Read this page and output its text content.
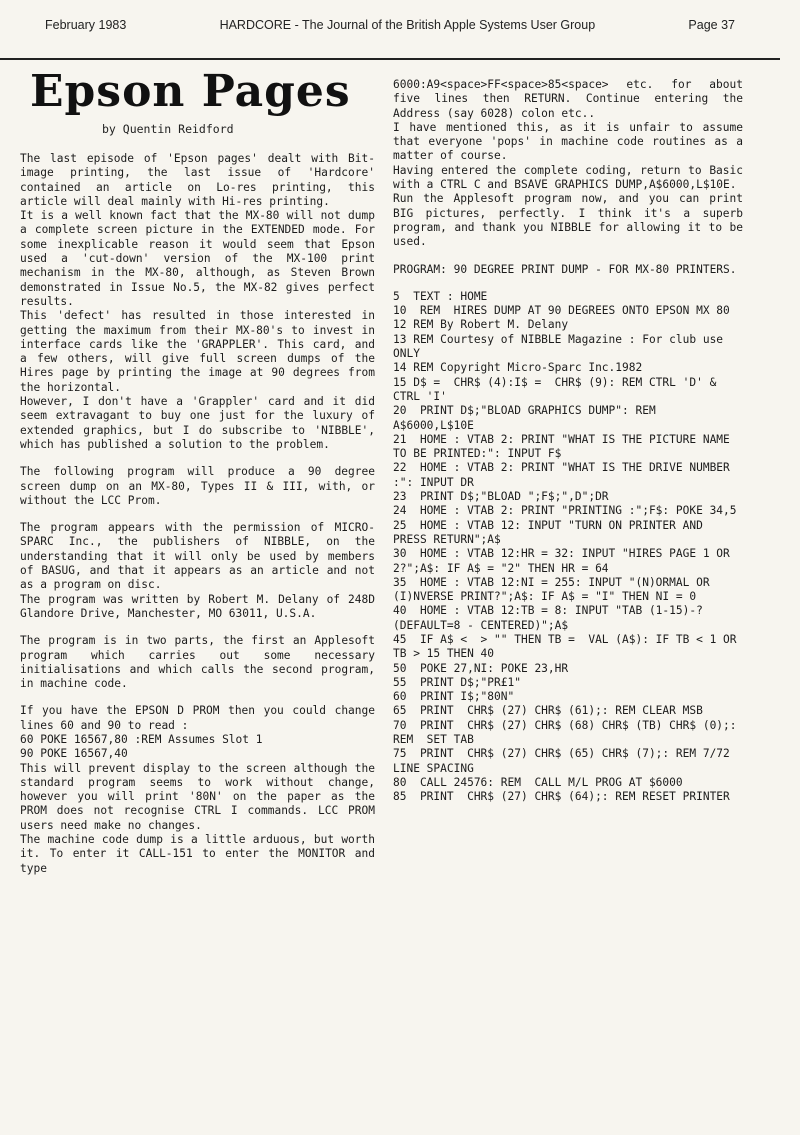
February 1983	HARDCORE - The Journal of the British Apple Systems User Group	Page 37
Epson Pages
by Quentin Reidford

The last episode of 'Epson pages' dealt with Bit-image printing, the last issue of 'Hardcore' contained an article on Lo-res printing, this article will deal mainly with Hi-res printing.

It is a well known fact that the MX-80 will not dump a complete screen picture in the EXTENDED mode. For some inexplicable reason it would seem that Epson used a 'cut-down' version of the MX-100 print mechanism in the MX-80, although, as Steven Brown demonstrated in Issue No.5, the MX-82 gives perfect results.

This 'defect' has resulted in those interested in getting the maximum from their MX-80's to invest in interface cards like the 'GRAPPLER'. This card, and a few others, will give full screen dumps of the Hires page by printing the image at 90 degrees from the horizontal.

However, I don't have a 'Grappler' card and it did seem extravagant to buy one just for the luxury of extended graphics, but I do subscribe to 'NIBBLE', which has published a solution to the problem.

The following program will produce a 90 degree screen dump on an MX-80, Types II & III, with, or without the LCC Prom.

The program appears with the permission of MICRO-SPARC Inc., the publishers of NIBBLE, on the understanding that it will only be used by members of BASUG, and that it appears as an article and not as a program on disc.

The program was written by Robert M. Delany of 248D Glandore Drive, Manchester, MO 63011, U.S.A.

The program is in two parts, the first an Applesoft program which carries out some necessary initialisations and which calls the second program, in machine code.

If you have the EPSON D PROM then you could change lines 60 and 90 to read :

60 POKE 16567,80 :REM Assumes Slot 1

90 POKE 16567,40

This will prevent display to the screen although the standard program seems to work without change, however you will print '80N' on the paper as the PROM does not recognise CTRL I commands. LCC PROM users need make no changes.

The machine code dump is a little arduous, but worth it. To enter it CALL-151 to enter the MONITOR and type

6000:A9<space>FF<space>85<space> etc. for about five lines then RETURN. Continue entering the Address (say 6028) colon etc..

I have mentioned this, as it is unfair to assume that everyone 'pops' in machine code routines as a matter of course.

Having entered the complete coding, return to Basic with a CTRL C and BSAVE GRAPHICS DUMP,A$6000,L$10E.

Run the Applesoft program now, and you can print BIG pictures, perfectly. I think it's a superb program, and thank you NIBBLE for allowing it to be used.

PROGRAM: 90 DEGREE PRINT DUMP - FOR MX-80 PRINTERS.

5  TEXT : HOME

10  REM  HIRES DUMP AT 90 DEGREES ONTO EPSON MX 80

12 REM By Robert M. Delany

13 REM Courtesy of NIBBLE Magazine : For club use ONLY

14 REM Copyright Micro-Sparc Inc.1982

15 D$ =  CHR$ (4):I$ =  CHR$ (9): REM CTRL 'D' & CTRL 'I'

20  PRINT D$;"BLOAD GRAPHICS DUMP": REM A$6000,L$10E

21  HOME : VTAB 2: PRINT "WHAT IS THE PICTURE NAME TO BE PRINTED:": INPUT F$

22  HOME : VTAB 2: PRINT "WHAT IS THE DRIVE NUMBER :": INPUT DR

23  PRINT D$;"BLOAD ";F$;",D";DR

24  HOME : VTAB 2: PRINT "PRINTING :";F$: POKE 34,5

25  HOME : VTAB 12: INPUT "TURN ON PRINTER AND PRESS RETURN";A$

30  HOME : VTAB 12:HR = 32: INPUT "HIRES PAGE 1 OR 2?";A$: IF A$ = "2" THEN HR = 64

35  HOME : VTAB 12:NI = 255: INPUT "(N)ORMAL OR (I)NVERSE PRINT?";A$: IF A$ = "I" THEN NI = 0

40  HOME : VTAB 12:TB = 8: INPUT "TAB (1-15)-? (DEFAULT=8 - CENTERED)";A$

45  IF A$ <  > "" THEN TB =  VAL (A$): IF TB < 1 OR TB > 15 THEN 40

50  POKE 27,NI: POKE 23,HR

55  PRINT D$;"PR£1"

60  PRINT I$;"80N"

65  PRINT  CHR$ (27) CHR$ (61);: REM CLEAR MSB

70  PRINT  CHR$ (27) CHR$ (68) CHR$ (TB) CHR$ (0);: REM  SET TAB

75  PRINT  CHR$ (27) CHR$ (65) CHR$ (7);: REM 7/72 LINE SPACING

80  CALL 24576: REM  CALL M/L PROG AT $6000

85  PRINT  CHR$ (27) CHR$ (64);: REM RESET PRINTER
